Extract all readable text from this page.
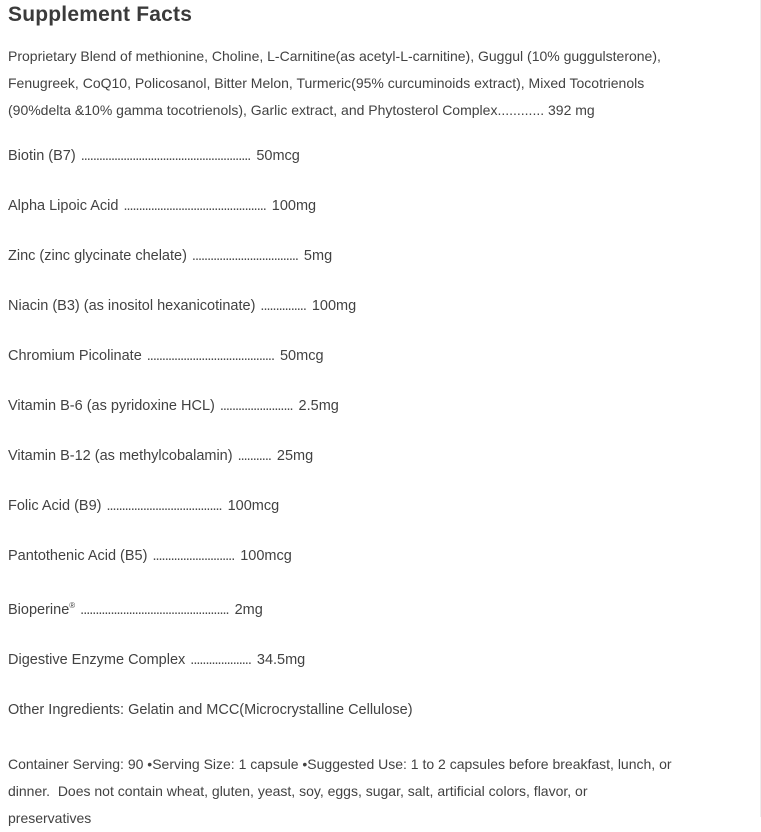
Supplement Facts
Proprietary Blend of methionine, Choline, L-Carnitine(as acetyl-L-carnitine), Guggul (10% guggulsterone),
Fenugreek, CoQ10, Policosanol, Bitter Melon, Turmeric(95% curcuminoids extract), Mixed Tocotrienols
(90%delta &10% gamma tocotrienols), Garlic extract, and Phytosterol Complex............ 392 mg
Biotin (B7) ........................................................ 50mcg
Alpha Lipoic Acid ............................................... 100mg
Zinc (zinc glycinate chelate) ................................... 5mg
Niacin (B3) (as inositol hexanicotinate) ............... 100mg
Chromium Picolinate .......................................... 50mcg
Vitamin B-6 (as pyridoxine HCL) ........................ 2.5mg
Vitamin B-12 (as methylcobalamin) ........... 25mg
Folic Acid (B9) ...................................... 100mcg
Pantothenic Acid (B5) ........................... 100mcg
Bioperine® ................................................. 2mg
Digestive Enzyme Complex .................... 34.5mg
Other Ingredients: Gelatin and MCC(Microcrystalline Cellulose)
Container Serving: 90 •Serving Size: 1 capsule •Suggested Use: 1 to 2 capsules before breakfast, lunch, or
dinner.  Does not contain wheat, gluten, yeast, soy, eggs, sugar, salt, artificial colors, flavor, or
preservatives
